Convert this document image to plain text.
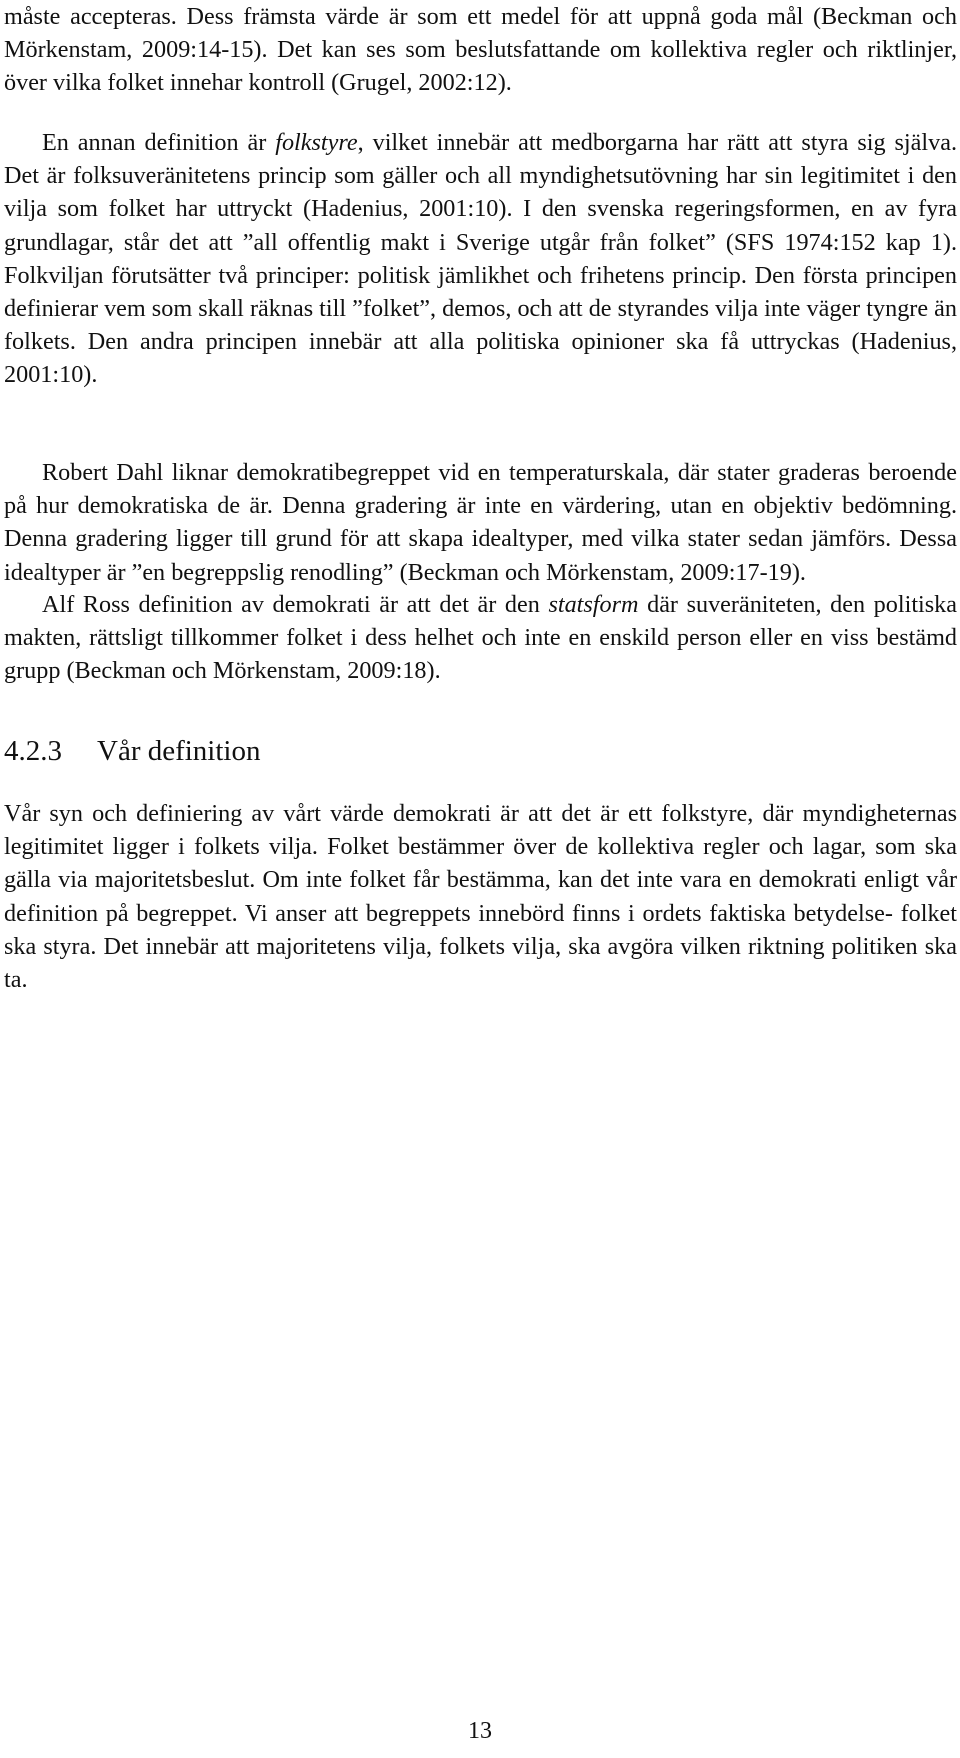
måste accepteras. Dess främsta värde är som ett medel för att uppnå goda mål (Beckman och Mörkenstam, 2009:14-15). Det kan ses som beslutsfattande om kollektiva regler och riktlinjer, över vilka folket innehar kontroll (Grugel, 2002:12).

En annan definition är folkstyre, vilket innebär att medborgarna har rätt att styra sig själva. Det är folksuveränitetens princip som gäller och all myndighetsutövning har sin legitimitet i den vilja som folket har uttryckt (Hadenius, 2001:10). I den svenska regeringsformen, en av fyra grundlagar, står det att ”all offentlig makt i Sverige utgår från folket” (SFS 1974:152 kap 1). Folkviljan förutsätter två principer: politisk jämlikhet och frihetens princip. Den första principen definierar vem som skall räknas till ”folket”, demos, och att de styrandes vilja inte väger tyngre än folkets. Den andra principen innebär att alla politiska opinioner ska få uttryckas (Hadenius, 2001:10).

Robert Dahl liknar demokratibegreppet vid en temperaturskala, där stater graderas beroende på hur demokratiska de är. Denna gradering är inte en värdering, utan en objektiv bedömning. Denna gradering ligger till grund för att skapa idealtyper, med vilka stater sedan jämförs. Dessa idealtyper är ”en begreppslig renodling” (Beckman och Mörkenstam, 2009:17-19).

Alf Ross definition av demokrati är att det är den statsform där suveräniteten, den politiska makten, rättsligt tillkommer folket i dess helhet och inte en enskild person eller en viss bestämd grupp (Beckman och Mörkenstam, 2009:18).

4.2.3 Vår definition

Vår syn och definiering av vårt värde demokrati är att det är ett folkstyre, där myndigheternas legitimitet ligger i folkets vilja. Folket bestämmer över de kollektiva regler och lagar, som ska gälla via majoritetsbeslut. Om inte folket får bestämma, kan det inte vara en demokrati enligt vår definition på begreppet. Vi anser att begreppets innebörd finns i ordets faktiska betydelse- folket ska styra. Det innebär att majoritetens vilja, folkets vilja, ska avgöra vilken riktning politiken ska ta.

13
